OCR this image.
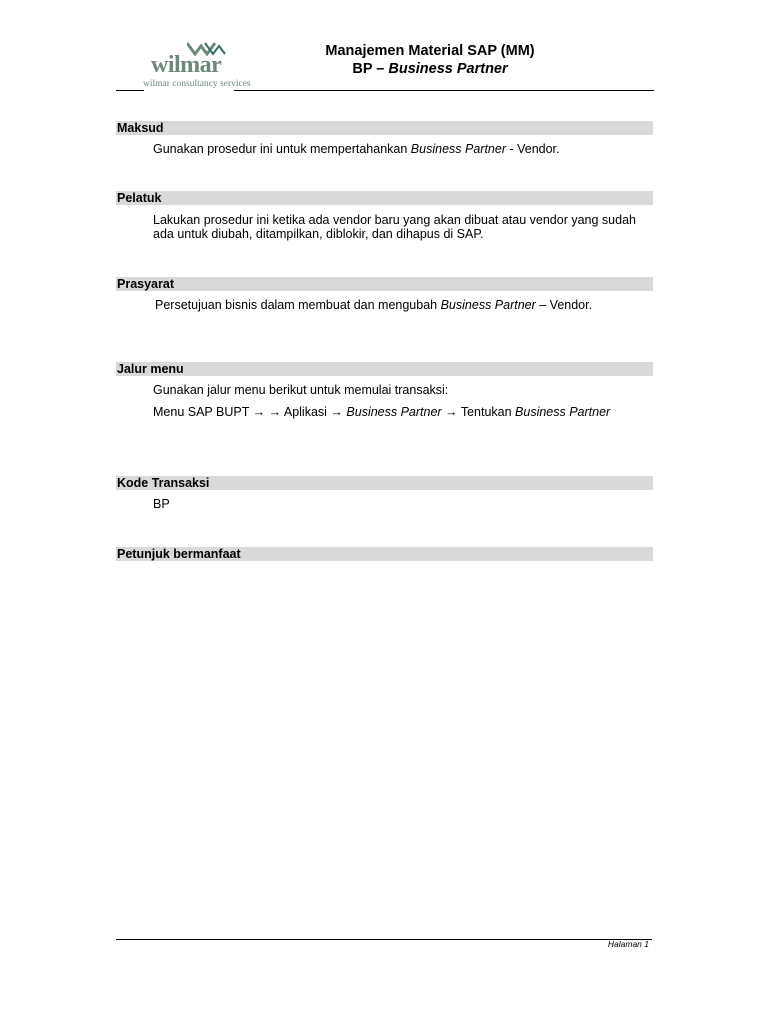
wilmar
wilmar consultancy services
Manajemen Material SAP (MM)
BP – Business Partner
Maksud
Gunakan prosedur ini untuk mempertahankan Business Partner - Vendor.
Pelatuk
Lakukan prosedur ini ketika ada vendor baru yang akan dibuat atau vendor yang sudah ada untuk diubah, ditampilkan, diblokir, dan dihapus di SAP.
Prasyarat
Persetujuan bisnis dalam membuat dan mengubah Business Partner – Vendor.
Jalur menu
Gunakan jalur menu berikut untuk memulai transaksi:
Menu SAP BUPT → → Aplikasi → Business Partner → Tentukan Business Partner
Kode Transaksi
BP
Petunjuk bermanfaat
Halaman 1
